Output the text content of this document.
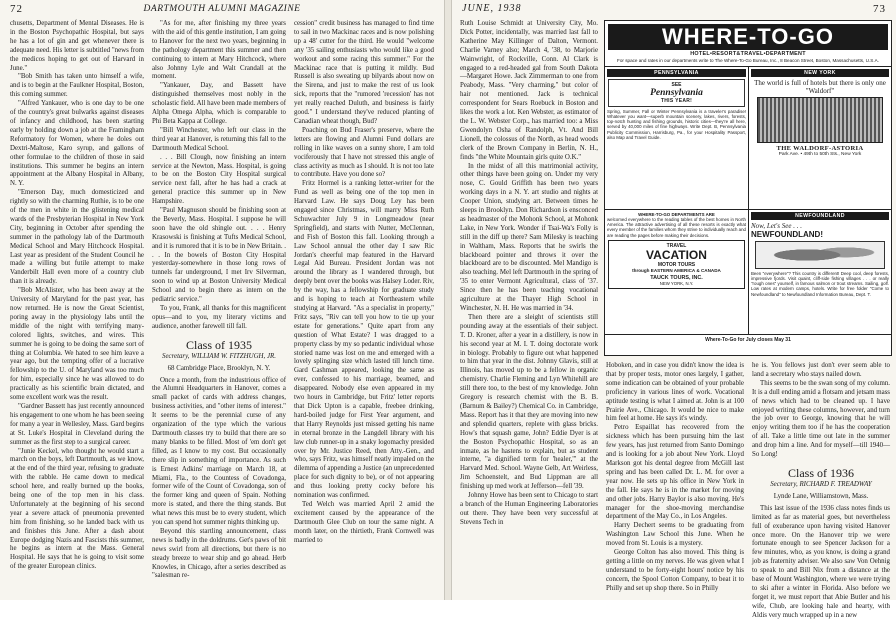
72	DARTMOUTH ALUMNI MAGAZINE

chusetts, Department of Mental Diseases. He is in the Boston Psychopathic Hospital, but says he has a lot of gin and get whenever there is adequate need. His letter is subtitled "news from the medicos hoping to get out of Harvard in June."

"Bob Smith has taken unto himself a wife, and is to begin at the Faulkner Hospital, Boston, this coming summer.

"Alfred Yankauer, who is one day to be one of the country's great bulwarks against diseases of infancy and childhood, has been starting early by holding down a job at the Framingham Reformatory for Women, where he doles out Dextri-Maltose, Karo syrup, and gallons of other formulae to the children of those in said institutions. This summer he begins an intern appointment at the Albany Hospital in Albany, N. Y.

"Emerson Day, much domesticized and rightly so with the charming Ruthie, is to be one of the men in white in the glistening medical wards of the Presbyterian Hospital in New York City, beginning in October after spending the summer in the pathology lab of the Dartmouth Medical School and Mary Hitchcock Hospital. Last year as president of the Student Council he made a willing but futile attempt to make Vanderbilt Hall even more of a country club than it is already.

"Bob McAlister, who has been away at the University of Maryland for the past year, has now returned. He is now the Great Scientist, poring away in the physiology labs until the middle of the night with terrifying many-colored lights, switches, and wires. This summer he is going to be doing the same sort of thing at Columbia. We hated to see him leave a year ago, but the tempting offer of a lucrative fellowship to the U. of Maryland was too much for him, especially since he was allowed to do practically as his scientific brain dictated, and some excellent work was the result.

"Gardner Bassett has just recently announced his engagement to one whom he has been seeing for many a year in Wellesley, Mass. Gard begins at St. Luke's Hospital in Cleveland during the summer as the first step to a surgical career.

"Junie Keckel, who thought he would start a march on the boys, left Dartmouth, as we know, at the end of the third year, refusing to graduate with the rabble. He came down to medical school here, and really burned up the books, being one of the top men in his class. Unfortunately at the beginning of his second year a severe attack of pneumonia prevented him from finishing, so he landed back with us and finishes this June. After a dash about Europe dodging Nazis and Fascists this summer, he begins as intern at the Mass. General Hospital. He says that he is going to visit some of the greater European clinics.

"As for me, after finishing my three years with the aid of this gentle institution, I am going to Hanover for the next two years, beginning in the pathology department this summer and then continuing to intern at Mary Hitchcock, where also Johnny Lyle and Walt Crandall at the moment.

"Yankauer, Day, and Bassett have distinguished themselves most nobly in the scholastic field. All have been made members of Alpha Omega Alpha, which is comparable to Phi Beta Kappa at College.

"Bill Winchester, who left our class in the third year at Hanover, is returning this fall to the Dartmouth Medical School.

. . . Bill Clough, now finishing an intern service at the Newton, Mass. Hospital, is going to be on the Boston City Hospital surgical service next fall, after he has had a crack at general practice this summer up in New Hampshire.

"Paul Magnuson should be finishing soon at the Beverly, Mass. Hospital. I suppose he will soon have the old shingle out. . . . Henry Krasowski is finishing at Tufts Medical School, and it is rumored that it is to be in New Britain. . . . In the bowels of Boston City Hospital yesterday-somewhere in those long rows of tunnels far underground, I met Irv Silverman, soon to wind up at Boston University Medical School and to begin there as intern on the pediatric service."

To you, Frank, all thanks for this magnificent opus—and to you, my literary victims and audience, another farewell till fall.

Class of 1935
Secretary, WILLIAM W. FITZHUGH, JR.
68 Cambridge Place, Brooklyn, N. Y.

Once a month, from the industrious office of the Alumni Headquarters in Hanover, comes a small packet of cards with address changes, business activities, and "other items of interest." It seems to be the perennial curse of any organization of the type which the various Dartmouth classes try to build that there are so many blanks to be filled. Most of 'em don't get filled, as I know to my cost. But occasionally there slip in something of importance. As such is Ernest Adkins' marriage on March 18, at Miami, Fla., to the Countess of Covadonga, former wife of the Count of Covadonga, son of the former king and queen of Spain. Nothing more is stated, and there the thing stands. But what news this must be to every student, which you can spend hot summer nights thinking up.

Beyond this startling announcement, class news is badly in the doldrums. Get's paws of bit news swirl from all directions, but there is no steady breeze to wear ship and go ahead. Herb Knowles, in Chicago, after a series described as "salesman re-

cession" credit business has managed to find time to sail in two Mackinac races and is now polishing up a 48' cutter for the third. He would "welcome any '35 sailing enthusiasts who would like a good workout and some racing this summer." For the Mackinac race that is putting it mildly. Bud Russell is also sweating up bilyards about now on the Sirena, and just to make the rest of us look sick, reports that the "rumored 'recession' has not yet really reached Duluth, and business is fairly good." I understand they've reduced planting of Canadian wheat though, Bud?

Poaching on Bud Fraser's preserve, where the letters are flowing and Alumni Fund dollars are rolling in like waves on a sunny shore, I am told vociferously that I have not stressed this angle of class activity as much as I should. It is not too late to contribute. Have you done so?

Fritz Hormel is a ranking letter-writer for the Fund as well as being one of the top men in Harvard Law. He says Doug Ley has been engaged since Christmas, will marry Miss Ruth Schuwachter July 9 in Longmeadow (near Springfield), and starts with Nutter, McClennan, and Fish of Boston this fall. Looking through a Law School annual the other day I saw Ric Jordan's cheerful map featured in the Harvard Legal Aid Bureau. President Jordan was not around the library as I wandered through, but deeply bent over the books was Halsey Loder. Riv, by the way, has a fellowship for graduate study and is hoping to teach at Northeastern while studying at Harvard. "As a specialist in property," Fritz says, "Riv can tell you how to tie up your estate for generations." Quite apart from any question of What Estate? I was dragged to a property class by my so pedantic individual whose storied name was lost on me and emerged with a lovely splinging size which lasted till lunch time. Gard Cashman appeared, looking the same as ever, confessed to his marriage, beamed, and disappeared. Nobody else even appeared in my two hours in Cambridge, but Fritz' letter reports that Dick Upton is a capable, freebee drinking, hard-boiled judge for First Year argument, and that Harry Reynolds just missed getting his name in eternal bronze in the Langdell library with his law club runner-up in a snaky logomachy presided over by Mr. Justice Reed, then Atty.-Gen., and who, says Fritz, was himself neatly impaled on the dilemma of appending a Justice (an unprecedented place for such dignity to be), or of not appearing and thus looking pretty cocky before his nomination was confirmed.

Ted Welch was married April 2 amid the excitement caused by the appearance of the Dartmouth Glee Club on tour the same night. A month later, on the thirtieth, Frank Cornwell was married to

JUNE, 1938	73

Ruth Louise Schmidt at University City, Mo. Dick Potter, incidentally, was married last fall to Katherine May Killinger of Dalton, Vermont. Charlie Varney also; March 4, '38, to Marjorie Wainwright, of Rockville, Conn. Al Clark is engaged to a red-headed gal from South Dakota—Margaret Howe. Jack Zimmerman to one from Peabody, Mass. "Very charming," but color of hair not mentioned. Jack is technical correspondent for Sears Roebuck in Boston and likes the work a lot. Ken Webster, as estimator of the L. W. Webster Corp., has married too: a Miss Gwendolyn Osha of Randolph, Vt. And Bill Lionell, the colossus of the North, as head woods clerk of the Brown Company in Berlin, N. H., finds "the White Mountain girls quite O.K."

In the midst of all this matrimonial activity, other things have been going on. Under my very nose, C. Gould Griffith has been two years working days in a N. Y. art studio and nights at Cooper Union, studying art. Between times he sleeps in Brooklyn. Don Richardson is ensconced as headmaster of the Mohonk School, at Mohonk Lake, in New York. Wonder if Tsai-Wa's Folly is still in the diff up there? Sam Milesky is teaching in Waltham, Mass. Reports that he swirls the blackboard pointer and throws it over the blackboard are to be discounted. Mel Mandigo is also teaching. Mel left Dartmouth in the spring of '35 to enter Vermont Agricultural, class of '37. Since then he has been teaching vocational agriculture at the Thayer High School in Winchester, N. H. He was married in '34.

Then there are a sleight of scientists still pounding away at the essentials of their subject. T. D. Kroner, after a year in a distillery, is now in his second year at M. I. T. doing doctorate work in biology. Probably to figure out what happened to him that year in the dist. Johnny Glavis, still at Illinois, has moved up to be a fellow in organic chemistry. Charlie Fleming and Lyn Whitehill are still there too, to the best of my knowledge. John Gregory is research chemist with the B. B. (Barnum & Bailey?) Chemical Co. in Cambridge, Mass. Report has it that they are moving into new and splendid quarters, replete with glass bricks. How's that squash game, John? Eddie Dyer is at the Boston Psychopathic Hospital, so as an inmate, as he hastens to explain, but as student interne, "a dignified term for 'healer,'" at the Harvard Med. School. Wayne Gelb, Art Weirless, Jim Schoenstelt, and Bud Lippman are all finishing up med work at Jefferson—fell '39.

Johnny Howe has been sent to Chicago to start a branch of the Human Engineering Laboratories out there. They have been very successful at Stevens Tech in

Hoboken, and in case you didn't know the idea is that by proper tests, motor ones largely, I gather, some indication can be obtained of your probable proficiency in various lines of work. Vocational aptitude testing is what I aimed at. John is at 100 Prairie Ave., Chicago. It would be nice to make him feel at home. He says it's windy.

Petro Espaillat has recovered from the sickness which has been pursuing him the last few years, has just returned from Santo Domingo and is looking for a job about New York. Lloyd Markson got his dental degree from McGill last spring and has been called Dr. L. M. for over a year now. He sets up his office in New York in the fall. He says he is in the market for moving and other jobs. Harry Baylor is also moving. He's manager for the shoe-moving merchandise department of the May Co., in Los Angeles.

Harry Dechert seems to be graduating from Washington Law School this June. When he moved from St. Louis is a mystery.

George Colton has also moved. This thing is getting a little on my nerves. He was given what I understand to be forty-eight hours' notice by his concern, the Spool Cotton Company, to beat it to Philly and set up shop there. So in Philly

he is. You fellows just don't ever seem able to land a secretary who stays nailed down.

This seems to be the swan song of my column. It is a dull ending amid a flotsam and jetsam mass of news which had to be cleaned up. I have enjoyed writing these columns, however, and turn the job over to George, knowing that he will enjoy writing them too if he has the cooperation of all. Take a little time out late in the summer and drop him a line. And for myself—till 1940—So Long!

Class of 1936
Secretary, RICHARD F. TREADWAY
Lynde Lane, Williamstown, Mass.

This last issue of the 1936 class notes finds us limited as far as material goes, but nevertheless full of exuberance upon having visited Hanover once more. On the Hanover trip we were fortunate enough to see Spencer Jackson for a few minutes, who, as you know, is doing a grand job as fraternity adviser. We also saw Von Oehnig to speak to and Bill Nix from a distance at the base of Mount Washington, where we were trying to ski after a winter in Florida. Also before we forget it, we must report that Abie Butler and his wife, Chub, are looking hale and hearty, with Aldis very much wrapped up in a new

WHERE-TO-GO
HOTEL•RESORT&TRAVEL•DEPARTMENT
For space and rates in our departments write to The Where-To-Go Bureau, Inc., 8 Beacon Street, Boston, Massachusetts, U.S.A.
PENNSYLVANIA
SEE
Pennsylvania
THIS YEAR!
Spring, Summer, Fall or Winter Pennsylvania is a traveler's paradise! Whatever you want—superb mountain scenery, lakes, rivers, forests, top-notch hunting and fishing grounds, historic cities—they're all here, served by 40,000 miles of fine highways. Write Dept. B, Pennsylvania Publicity Commission, Harrisburg, Pa., for your Hospitality Passport, also Map and Travel Guide.
NEW YORK
The world is full of hotels but there is only one "Waldorf"
THE WALDORF-ASTORIA
Park Ave. • 49th to 50th Sts., New York
WHERE-TO-GO DEPARTMENTS ARE
welcomed everywhere to the reading tables of the best homes in North America. The attractive advertising of all these resorts is exactly what every member of the families whom they strive to individually reach and are reading the pages before making their decisions.
TRAVEL
VACATION
MOTOR TOURS
through EASTERN AMERICA & CANADA
TAUCK TOURS, INC.
NEW YORK, N.Y.
NEWFOUNDLAND
Now, Let's See . . .
NEWFOUNDLAND!
Been "everywhere"? This country is different! Deep cool, deep forests, impressive fjords. Visit quaint, cliff-side fishing villages . . . or really "rough ones" yourself, in famous salmon or trout streams. Sailing, golf. Low rates at modern camps, hotels. Write for free folder "Come to Newfoundland" to Newfoundland Information Bureau, Dept. T.
Where-To-Go for July closes May 31
